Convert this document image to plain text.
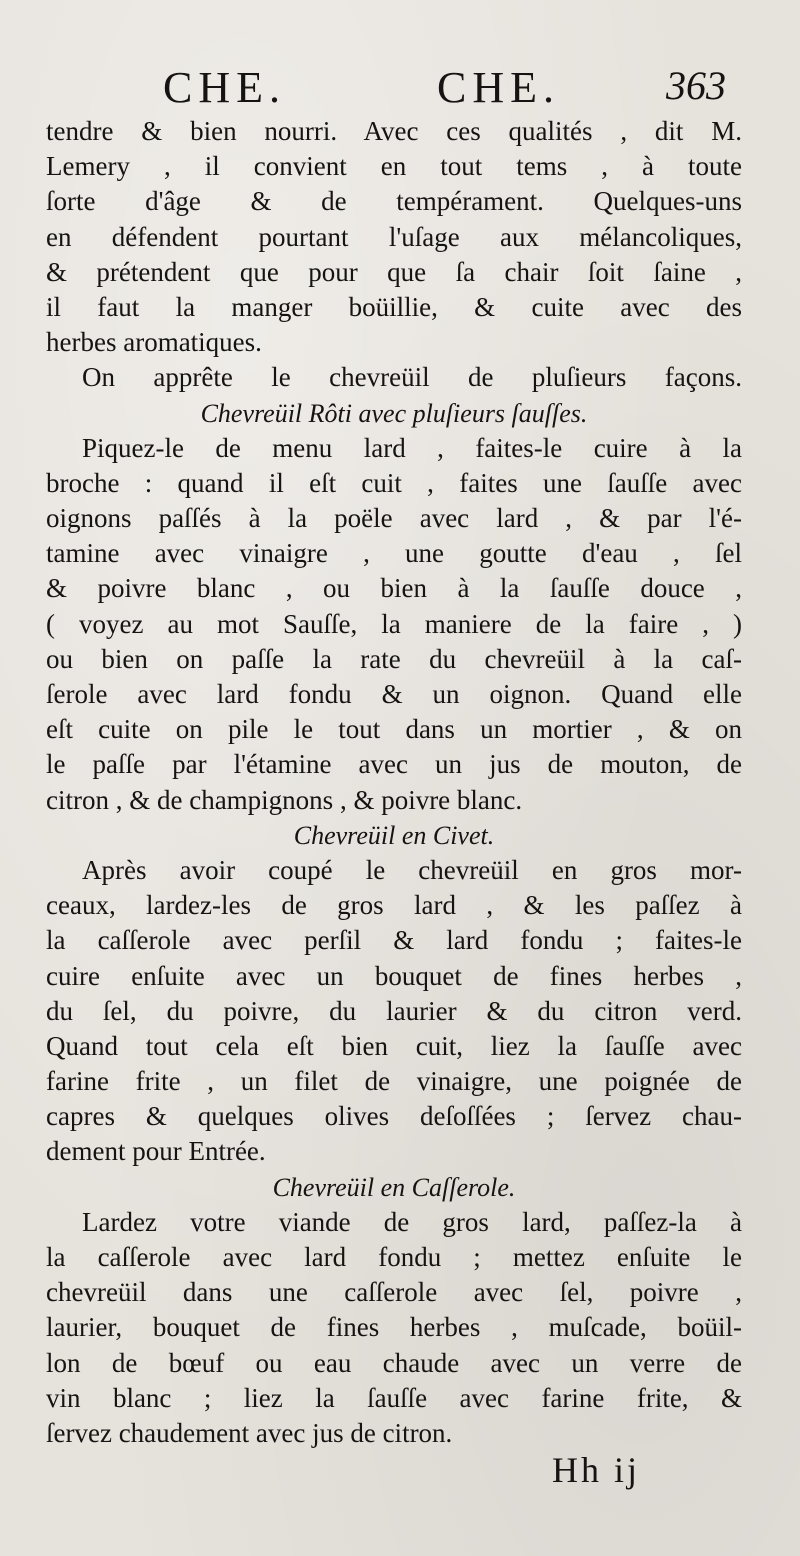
CHE.	CHE.	363
tendre & bien nourri. Avec ces qualités , dit M.
Lemery , il convient en tout tems , à toute
ſorte d'âge & de tempérament. Quelques-uns
en défendent pourtant l'uſage aux mélancoliques,
& prétendent que pour que ſa chair ſoit ſaine ,
il faut la manger boüillie, & cuite avec des
herbes aromatiques.
On apprête le chevreüil de pluſieurs façons.
Chevreüil Rôti avec pluſieurs ſauſſes.
Piquez-le de menu lard , faites-le cuire à la
broche : quand il eſt cuit , faites une ſauſſe avec
oignons paſſés à la poële avec lard , & par l'é-
tamine avec vinaigre , une goutte d'eau , ſel
& poivre blanc , ou bien à la ſauſſe douce ,
( voyez au mot Sauſſe, la maniere de la faire , )
ou bien on paſſe la rate du chevreüil à la caſ-
ſerole avec lard fondu & un oignon. Quand elle
eſt cuite on pile le tout dans un mortier , & on
le paſſe par l'étamine avec un jus de mouton, de
citron , & de champignons , & poivre blanc.
Chevreüil en Civet.
Après avoir coupé le chevreüil en gros mor-
ceaux, lardez-les de gros lard , & les paſſez à
la caſſerole avec perſil & lard fondu ; faites-le
cuire enſuite avec un bouquet de fines herbes ,
du ſel, du poivre, du laurier & du citron verd.
Quand tout cela eſt bien cuit, liez la ſauſſe avec
farine frite , un filet de vinaigre, une poignée de
capres & quelques olives deſoſſées ; ſervez chau-
dement pour Entrée.
Chevreüil en Caſſerole.
Lardez votre viande de gros lard, paſſez-la à
la caſſerole avec lard fondu ; mettez enſuite le
chevreüil dans une caſſerole avec ſel, poivre ,
laurier, bouquet de fines herbes , muſcade, boüil-
lon de bœuf ou eau chaude avec un verre de
vin blanc ; liez la ſauſſe avec farine frite, &
ſervez chaudement avec jus de citron.
Hh ij
